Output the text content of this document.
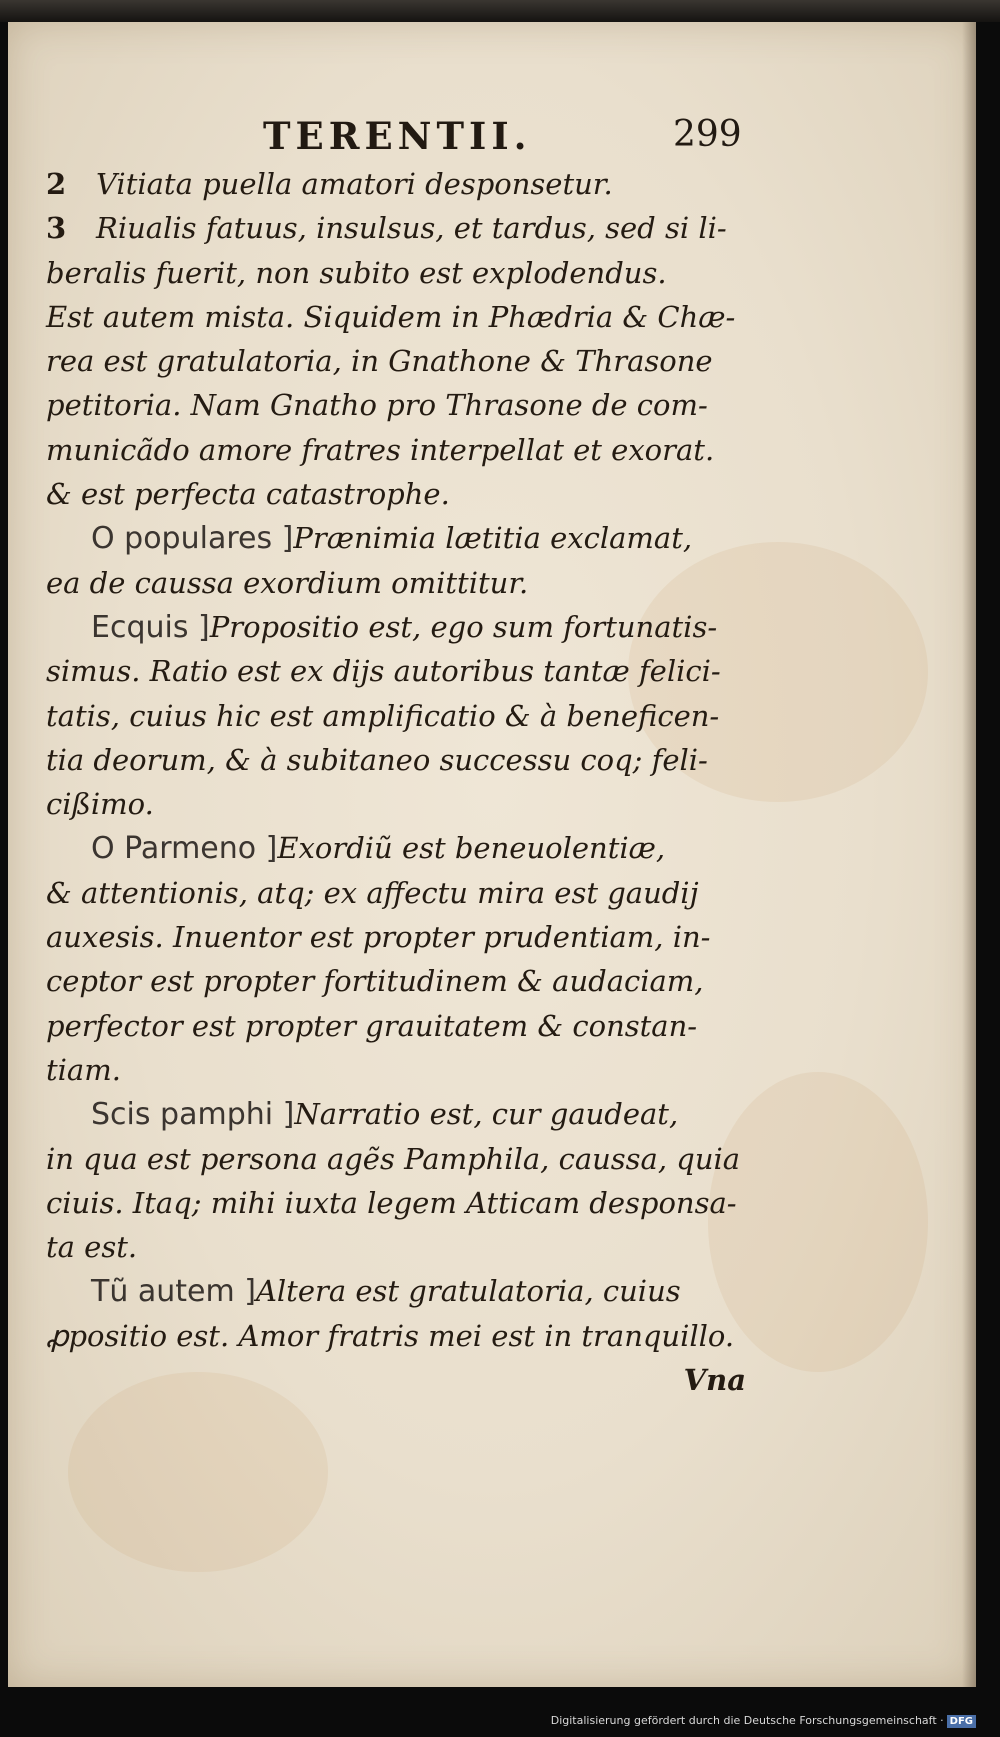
TERENTII.	299
2 Vitiata puella amatori desponsetur.
3 Riualis fatuus, insulsus, et tardus, sed si li-
beralis fuerit, non subito est explodendus.
Est autem mista. Siquidem in Phædria & Chæ-
rea est gratulatoria, in Gnathone & Thrasone
petitoria. Nam Gnatho pro Thrasone de com-
municãdo amore fratres interpellat et exorat.
& est perfecta catastrophe.
O populares ]Prænimia lætitia exclamat,
ea de caussa exordium omittitur.
Ecquis ]Propositio est, ego sum fortunatis-
simus. Ratio est ex dijs autoribus tantæ felici-
tatis, cuius hic est amplificatio & à beneficen-
tia deorum, & à subitaneo successu coq; feli-
cißimo.
O Parmeno ]Exordiũ est beneuolentiæ,
& attentionis, atq; ex affectu mira est gaudij
auxesis. Inuentor est propter prudentiam, in-
ceptor est propter fortitudinem & audaciam,
perfector est propter grauitatem & constan-
tiam.
Scis pamphi ]Narratio est, cur gaudeat,
in qua est persona agẽs Pamphila, caussa, quia
ciuis. Itaq; mihi iuxta legem Atticam desponsa-
ta est.
Tũ autem ]Altera est gratulatoria, cuius
ꝓpositio est. Amor fratris mei est in tranquillo.
Vna
Digitalisierung gefördert durch die Deutsche Forschungsgemeinschaft · DFG
